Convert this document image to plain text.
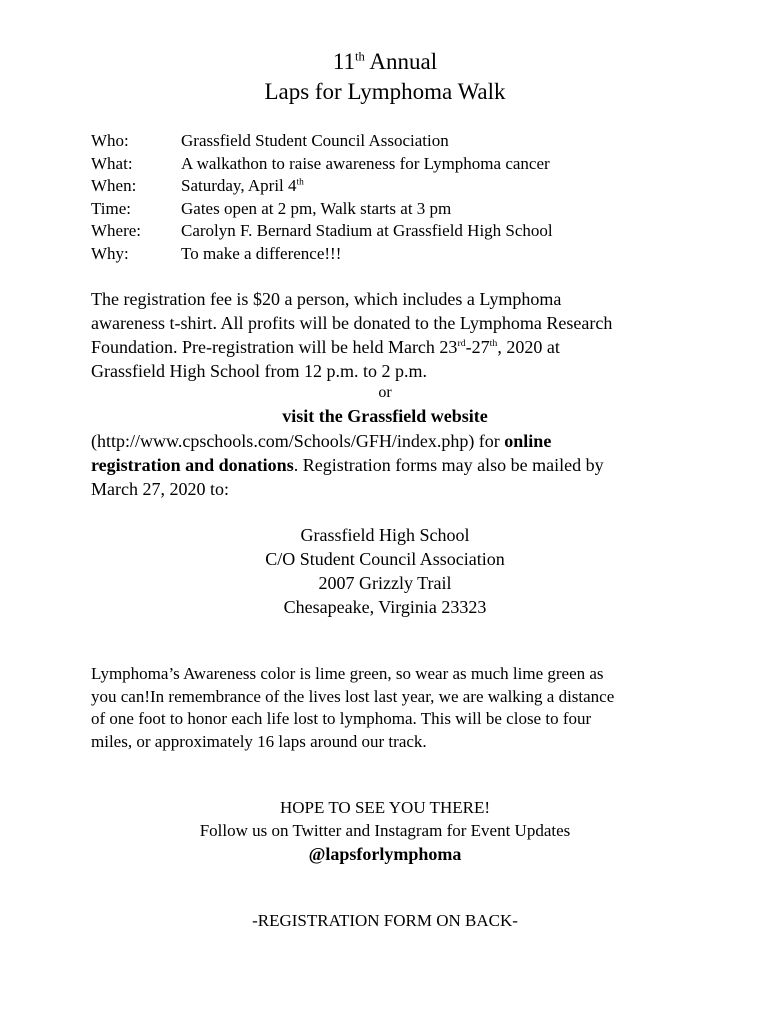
11th Annual
Laps for Lymphoma Walk
Who:	Grassfield Student Council Association
What:	A walkathon to raise awareness for Lymphoma cancer
When:	Saturday, April 4th
Time:	Gates open at 2 pm, Walk starts at 3 pm
Where:	Carolyn F. Bernard Stadium at Grassfield High School
Why:	To make a difference!!!
The registration fee is $20 a person, which includes a Lymphoma
awareness t-shirt. All profits will be donated to the Lymphoma Research
Foundation. Pre-registration will be held March 23rd-27th, 2020 at
Grassfield High School from 12 p.m. to 2 p.m.
or
visit the Grassfield website
(http://www.cpschools.com/Schools/GFH/index.php) for online
registration and donations. Registration forms may also be mailed by
March 27, 2020 to:
Grassfield High School
C/O Student Council Association
2007 Grizzly Trail
Chesapeake, Virginia 23323
Lymphoma’s Awareness color is lime green, so wear as much lime green as
you can!In remembrance of the lives lost last year, we are walking a distance
of one foot to honor each life lost to lymphoma. This will be close to four
miles, or approximately 16 laps around our track.
HOPE TO SEE YOU THERE!
Follow us on Twitter and Instagram for Event Updates
@lapsforlymphoma
-REGISTRATION FORM ON BACK-
